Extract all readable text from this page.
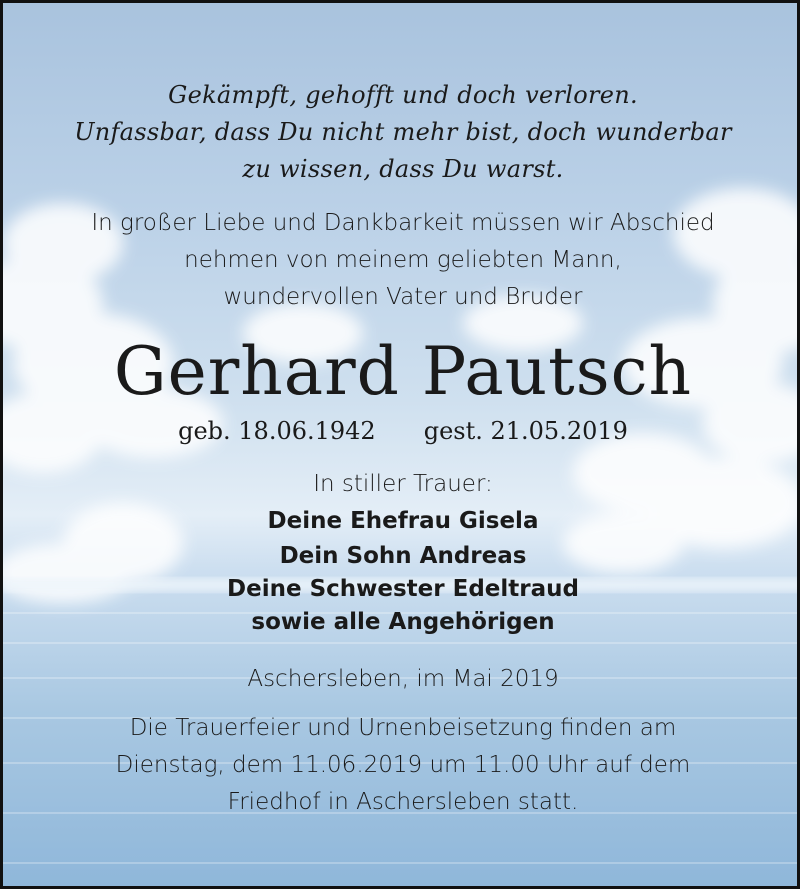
Gekämpft, gehofft und doch verloren.
Unfassbar, dass Du nicht mehr bist, doch wunderbar
zu wissen, dass Du warst.
In großer Liebe und Dankbarkeit müssen wir Abschied
nehmen von meinem geliebten Mann,
wundervollen Vater und Bruder
Gerhard Pautsch
geb. 18.06.1942 gest. 21.05.2019
In stiller Trauer:
Deine Ehefrau Gisela
Dein Sohn Andreas
Deine Schwester Edeltraud
sowie alle Angehörigen
Aschersleben, im Mai 2019
Die Trauerfeier und Urnenbeisetzung finden am
Dienstag, dem 11.06.2019 um 11.00 Uhr auf dem
Friedhof in Aschersleben statt.
